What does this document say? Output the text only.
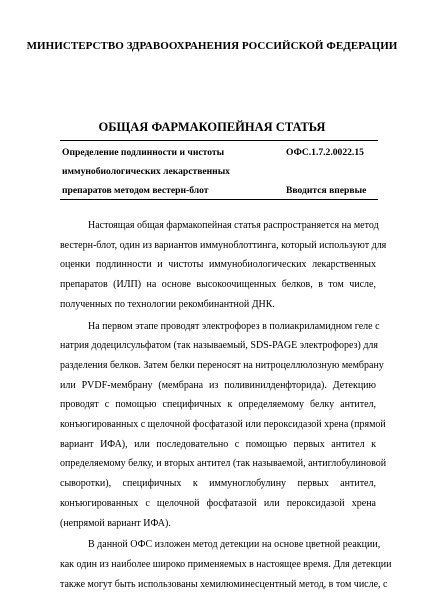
МИНИСТЕРСТВО ЗДРАВООХРАНЕНИЯ РОССИЙСКОЙ ФЕДЕРАЦИИ
ОБЩАЯ ФАРМАКОПЕЙНАЯ СТАТЬЯ
Определение подлинности и чистоты
иммунобиологических лекарственных
препаратов методом вестерн-блот
ОФС.1.7.2.0022.15
Вводится впервые
Настоящая общая фармакопейная статья распространяется на метод
вестерн-блот, один из вариантов иммуноблоттинга, который используют для
оценки подлинности и чистоты иммунобиологических лекарственных
препаратов (ИЛП) на основе высокоочищенных белков, в том числе,
полученных по технологии рекомбинантной ДНК.
На первом этапе проводят электрофорез в полиакриламидном геле с
натрия додецилсульфатом (так называемый, SDS-PAGE электрофорез) для
разделения белков. Затем белки переносят на нитроцеллюлозную мембрану
или PVDF-мембрану (мембрана из поливинилденфторида). Детекцию
проводят с помощью специфичных к определяемому белку антител,
конъюгированных с щелочной фосфатазой или пероксидазой хрена (прямой
вариант ИФА), или последовательно с помощью первых антител к
определяемому белку, и вторых антител (так называемой, антиглобулиновой
сыворотки), специфичных к иммуноглобулину первых антител,
конъюгированных с щелочной фосфатазой или пероксидазой хрена
(непрямой вариант ИФА).
В данной ОФС изложен метод детекции на основе цветной реакции,
как один из наиболее широко применяемых в настоящее время. Для детекции
также могут быть использованы хемилюминесцентный метод, в том числе, с
